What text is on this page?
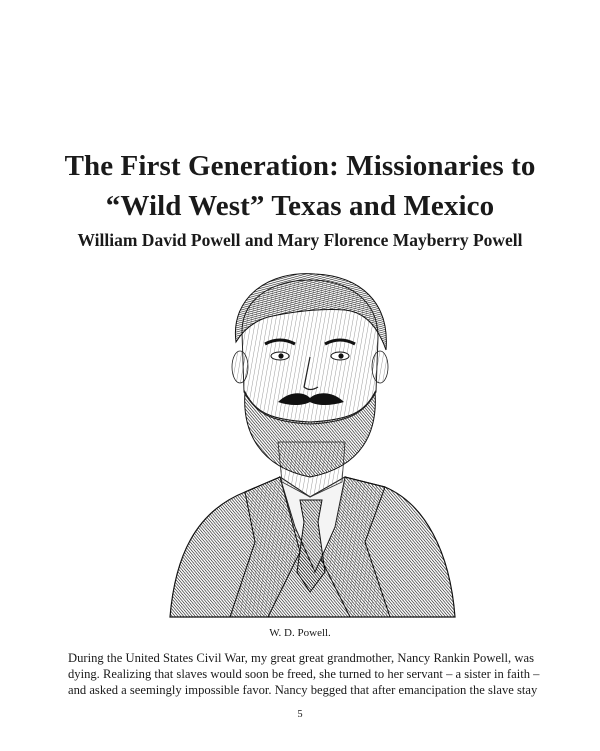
The First Generation: Missionaries to
“Wild West” Texas and Mexico
William David Powell and Mary Florence Mayberry Powell

W. D. Powell.

During the United States Civil War, my great great grandmother, Nancy Rankin Powell, was
dying. Realizing that slaves would soon be freed, she turned to her servant – a sister in faith –
and asked a seemingly impossible favor. Nancy begged that after emancipation the slave stay

5
